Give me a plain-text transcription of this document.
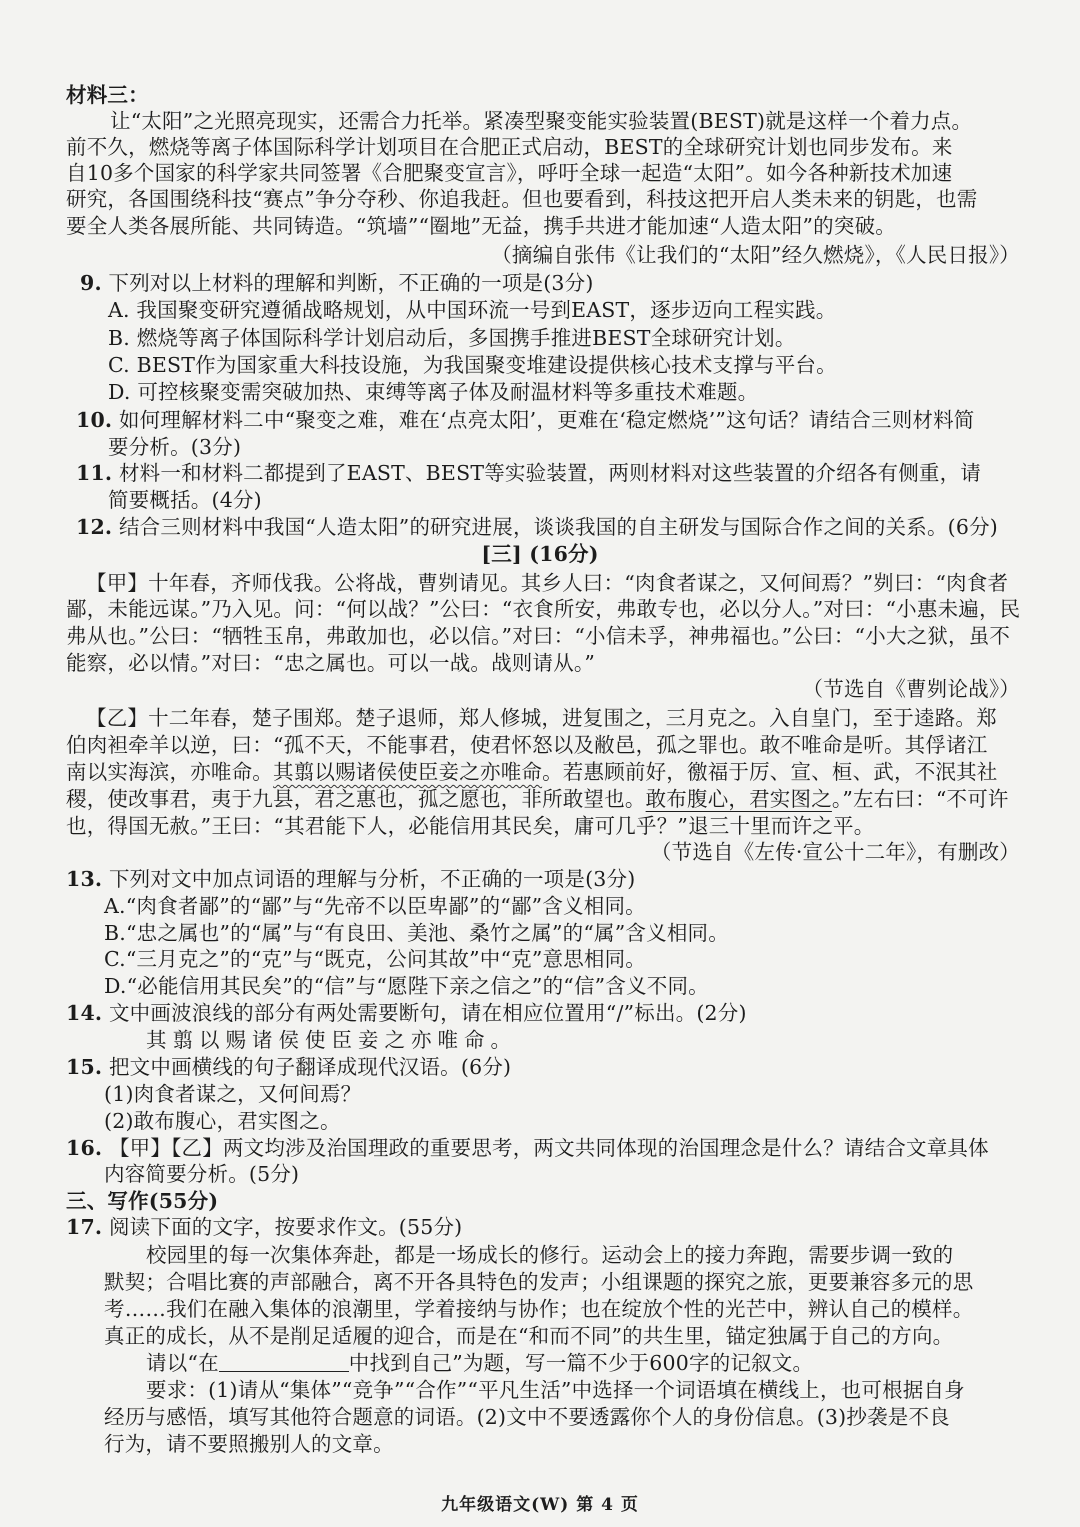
材料三：
让“太阳”之光照亮现实，还需合力托举。紧凑型聚变能实验装置(BEST)就是这样一个着力点。
前不久，燃烧等离子体国际科学计划项目在合肥正式启动，BEST的全球研究计划也同步发布。来
自10多个国家的科学家共同签署《合肥聚变宣言》，呼吁全球一起造“太阳”。如今各种新技术加速
研究，各国围绕科技“赛点”争分夺秒、你追我赶。但也要看到，科技这把开启人类未来的钥匙，也需
要全人类各展所能、共同铸造。“筑墙”“圈地”无益，携手共进才能加速“人造太阳”的突破。
（摘编自张伟《让我们的“太阳”经久燃烧》，《人民日报》）
9. 下列对以上材料的理解和判断，不正确的一项是(3分)
A. 我国聚变研究遵循战略规划，从中国环流一号到EAST，逐步迈向工程实践。
B. 燃烧等离子体国际科学计划启动后，多国携手推进BEST全球研究计划。
C. BEST作为国家重大科技设施，为我国聚变堆建设提供核心技术支撑与平台。
D. 可控核聚变需突破加热、束缚等离子体及耐温材料等多重技术难题。
10. 如何理解材料二中“聚变之难，难在‘点亮太阳’，更难在‘稳定燃烧’”这句话？请结合三则材料简
要分析。(3分)
11. 材料一和材料二都提到了EAST、BEST等实验装置，两则材料对这些装置的介绍各有侧重，请
简要概括。(4分)
12. 结合三则材料中我国“人造太阳”的研究进展，谈谈我国的自主研发与国际合作之间的关系。(6分)
[三] (16分)
【甲】十年春，齐师伐我。公将战，曹刿请见。其乡人曰：“肉食者谋之，又何间焉？”刿曰：“肉食者
鄙，未能远谋。”乃入见。问：“何以战？”公曰：“衣食所安，弗敢专也，必以分人。”对曰：“小惠未遍，民
弗从也。”公曰：“牺牲玉帛，弗敢加也，必以信。”对曰：“小信未孚，神弗福也。”公曰：“小大之狱，虽不
能察，必以情。”对曰：“忠之属也。可以一战。战则请从。”
（节选自《曹刿论战》）
【乙】十二年春，楚子围郑。楚子退师，郑人修城，进复围之，三月克之。入自皇门，至于逵路。郑
伯肉袒牵羊以逆，曰：“孤不天，不能事君，使君怀怒以及敝邑，孤之罪也。敢不唯命是听。其俘诸江
南以实海滨，亦唯命。其翦以赐诸侯使臣妾之亦唯命。若惠顾前好，徼福于厉、宣、桓、武，不泯其社
稷，使改事君，夷于九县，君之惠也，孤之愿也，非所敢望也。敢布腹心，君实图之。”左右曰：“不可许
也，得国无赦。”王曰：“其君能下人，必能信用其民矣，庸可几乎？”退三十里而许之平。
（节选自《左传·宣公十二年》，有删改）
13. 下列对文中加点词语的理解与分析，不正确的一项是(3分)
A.“肉食者鄙”的“鄙”与“先帝不以臣卑鄙”的“鄙”含义相同。
B.“忠之属也”的“属”与“有良田、美池、桑竹之属”的“属”含义相同。
C.“三月克之”的“克”与“既克，公问其故”中“克”意思相同。
D.“必能信用其民矣”的“信”与“愿陛下亲之信之”的“信”含义不同。
14. 文中画波浪线的部分有两处需要断句，请在相应位置用“/”标出。(2分)
其翦以赐诸侯使臣妾之亦唯命。
15. 把文中画横线的句子翻译成现代汉语。(6分)
(1)肉食者谋之，又何间焉？
(2)敢布腹心，君实图之。
16. 【甲】【乙】两文均涉及治国理政的重要思考，两文共同体现的治国理念是什么？请结合文章具体
内容简要分析。(5分)
三、写作(55分)
17. 阅读下面的文字，按要求作文。(55分)
校园里的每一次集体奔赴，都是一场成长的修行。运动会上的接力奔跑，需要步调一致的
默契；合唱比赛的声部融合，离不开各具特色的发声；小组课题的探究之旅，更要兼容多元的思
考……我们在融入集体的浪潮里，学着接纳与协作；也在绽放个性的光芒中，辨认自己的模样。
真正的成长，从不是削足适履的迎合，而是在“和而不同”的共生里，锚定独属于自己的方向。
请以“在	中找到自己”为题，写一篇不少于600字的记叙文。
要求：(1)请从“集体”“竞争”“合作”“平凡生活”中选择一个词语填在横线上，也可根据自身
经历与感悟，填写其他符合题意的词语。(2)文中不要透露你个人的身份信息。(3)抄袭是不良
行为，请不要照搬别人的文章。
九年级语文(W) 第 4 页
